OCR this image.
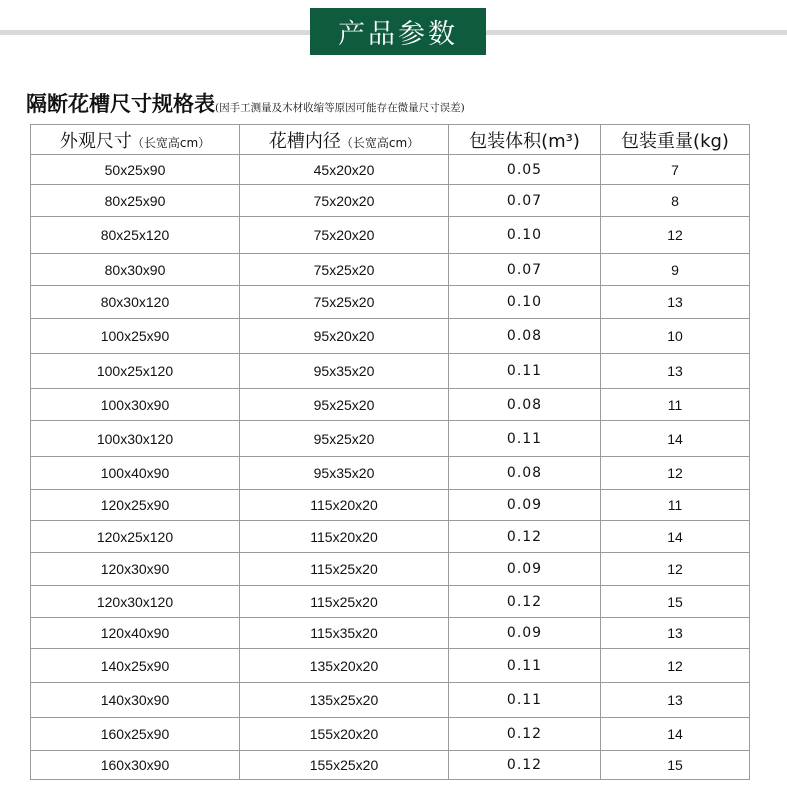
产品参数
隔断花槽尺寸规格表(因手工测量及木材收缩等原因可能存在微量尺寸误差)
外观尺寸（长宽高cm）	花槽内径（长宽高cm）	包装体积(m³)	包装重量(kg)
50x25x90	45x20x20	0.05	7
80x25x90	75x20x20	0.07	8
80x25x120	75x20x20	0.10	12
80x30x90	75x25x20	0.07	9
80x30x120	75x25x20	0.10	13
100x25x90	95x20x20	0.08	10
100x25x120	95x35x20	0.11	13
100x30x90	95x25x20	0.08	11
100x30x120	95x25x20	0.11	14
100x40x90	95x35x20	0.08	12
120x25x90	115x20x20	0.09	11
120x25x120	115x20x20	0.12	14
120x30x90	115x25x20	0.09	12
120x30x120	115x25x20	0.12	15
120x40x90	115x35x20	0.09	13
140x25x90	135x20x20	0.11	12
140x30x90	135x25x20	0.11	13
160x25x90	155x20x20	0.12	14
160x30x90	155x25x20	0.12	15
